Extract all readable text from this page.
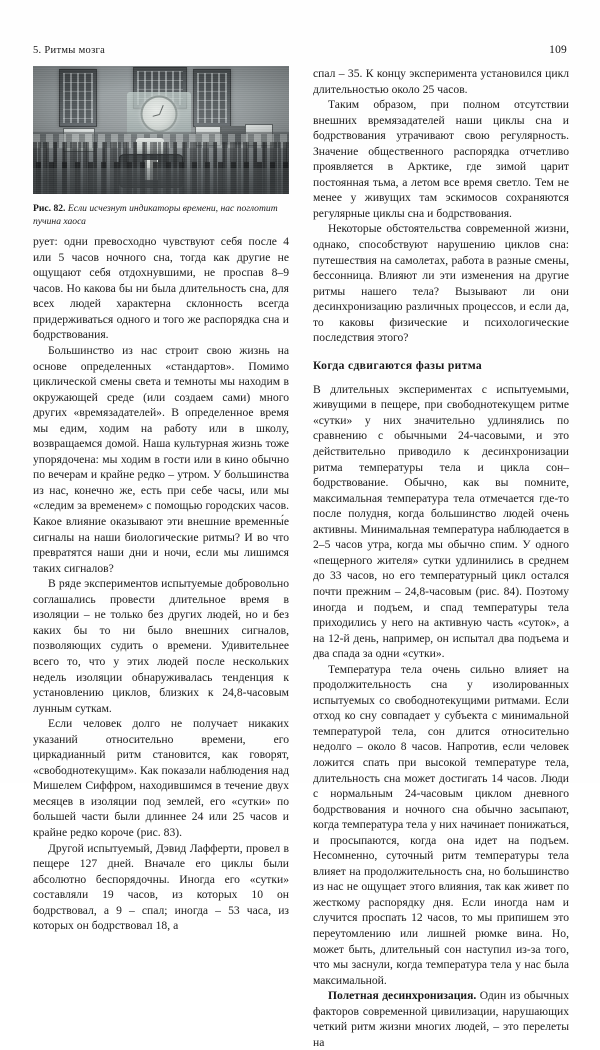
5. Ритмы мозга	109
Рис. 82. Если исчезнут индикаторы времени, нас поглотит пучина хаоса

рует: одни превосходно чувствуют себя после 4 или 5 часов ночного сна, тогда как другие не ощущают себя отдохнувшими, не проспав 8–9 часов. Но какова бы ни была длительность сна, для всех людей характерна склонность всегда придерживаться одного и того же распорядка сна и бодрствования.

Большинство из нас строит свою жизнь на основе определенных «стандартов». Помимо циклической смены света и темноты мы находим в окружающей среде (или создаем сами) много других «времязадателей». В определенное время мы едим, ходим на работу или в школу, возвращаемся домой. Наша культурная жизнь тоже упорядочена: мы ходим в гости или в кино обычно по вечерам и крайне редко – утром. У большинства из нас, конечно же, есть при себе часы, или мы «следим за временем» с помощью городских часов. Какое влияние оказывают эти внешние временны́е сигналы на наши биологические ритмы? И во что превратятся наши дни и ночи, если мы лишимся таких сигналов?

В ряде экспериментов испытуемые добровольно соглашались провести длительное время в изоляции – не только без других людей, но и без каких бы то ни было внешних сигналов, позволяющих судить о времени. Удивительнее всего то, что у этих людей после нескольких недель изоляции обнаруживалась тенденция к установлению циклов, близких к 24,8-часовым лунным суткам.

Если человек долго не получает никаких указаний относительно времени, его циркадианный ритм становится, как говорят, «свободнотекущим». Как показали наблюдения над Мишелем Сиффром, находившимся в течение двух месяцев в изоляции под землей, его «сутки» по большей части были длиннее 24 или 25 часов и крайне редко короче (рис. 83).

Другой испытуемый, Дэвид Лафферти, провел в пещере 127 дней. Вначале его циклы были абсолютно беспорядочны. Иногда его «сутки» составляли 19 часов, из которых 10 он бодрствовал, а 9 – спал; иногда – 53 часа, из которых он бодрствовал 18, а

спал – 35. К концу эксперимента установился цикл длительностью около 25 часов.

Таким образом, при полном отсутствии внешних времязадателей наши циклы сна и бодрствования утрачивают свою регулярность. Значение общественного распорядка отчетливо проявляется в Арктике, где зимой царит постоянная тьма, а летом все время светло. Тем не менее у живущих там эскимосов сохраняются регулярные циклы сна и бодрствования.

Некоторые обстоятельства современной жизни, однако, способствуют нарушению циклов сна: путешествия на самолетах, работа в разные смены, бессонница. Влияют ли эти изменения на другие ритмы нашего тела? Вызывают ли они десинхронизацию различных процессов, и если да, то каковы физические и психологические последствия этого?

Когда сдвигаются фазы ритма

В длительных экспериментах с испытуемыми, живущими в пещере, при свободнотекущем ритме «сутки» у них значительно удлинялись по сравнению с обычными 24-часовыми, и это действительно приводило к десинхронизации ритма температуры тела и цикла сон–бодрствование. Обычно, как вы помните, максимальная температура тела отмечается где-то после полудня, когда большинство людей очень активны. Минимальная температура наблюдается в 2–5 часов утра, когда мы обычно спим. У одного «пещерного жителя» сутки удлинились в среднем до 33 часов, но его температурный цикл остался почти прежним – 24,8-часовым (рис. 84). Поэтому иногда и подъем, и спад температуры тела приходились у него на активную часть «суток», а на 12-й день, например, он испытал два подъема и два спада за одни «сутки».

Температура тела очень сильно влияет на продолжительность сна у изолированных испытуемых со свободнотекущими ритмами. Если отход ко сну совпадает у субъекта с минимальной температурой тела, сон длится относительно недолго – около 8 часов. Напротив, если человек ложится спать при высокой температуре тела, длительность сна может достигать 14 часов. Люди с нормальным 24-часовым циклом дневного бодрствования и ночного сна обычно засыпают, когда температура тела у них начинает понижаться, и просыпаются, когда она идет на подъем. Несомненно, суточный ритм температуры тела влияет на продолжительность сна, но большинство из нас не ощущает этого влияния, так как живет по жесткому распорядку дня. Если иногда нам и случится проспать 12 часов, то мы припишем это переутомлению или лишней рюмке вина. Но, может быть, длительный сон наступил из-за того, что мы заснули, когда температура тела у нас была максимальной.

Полетная десинхронизация. Один из обычных факторов современной цивилизации, нарушающих четкий ритм жизни многих людей, – это перелеты на
